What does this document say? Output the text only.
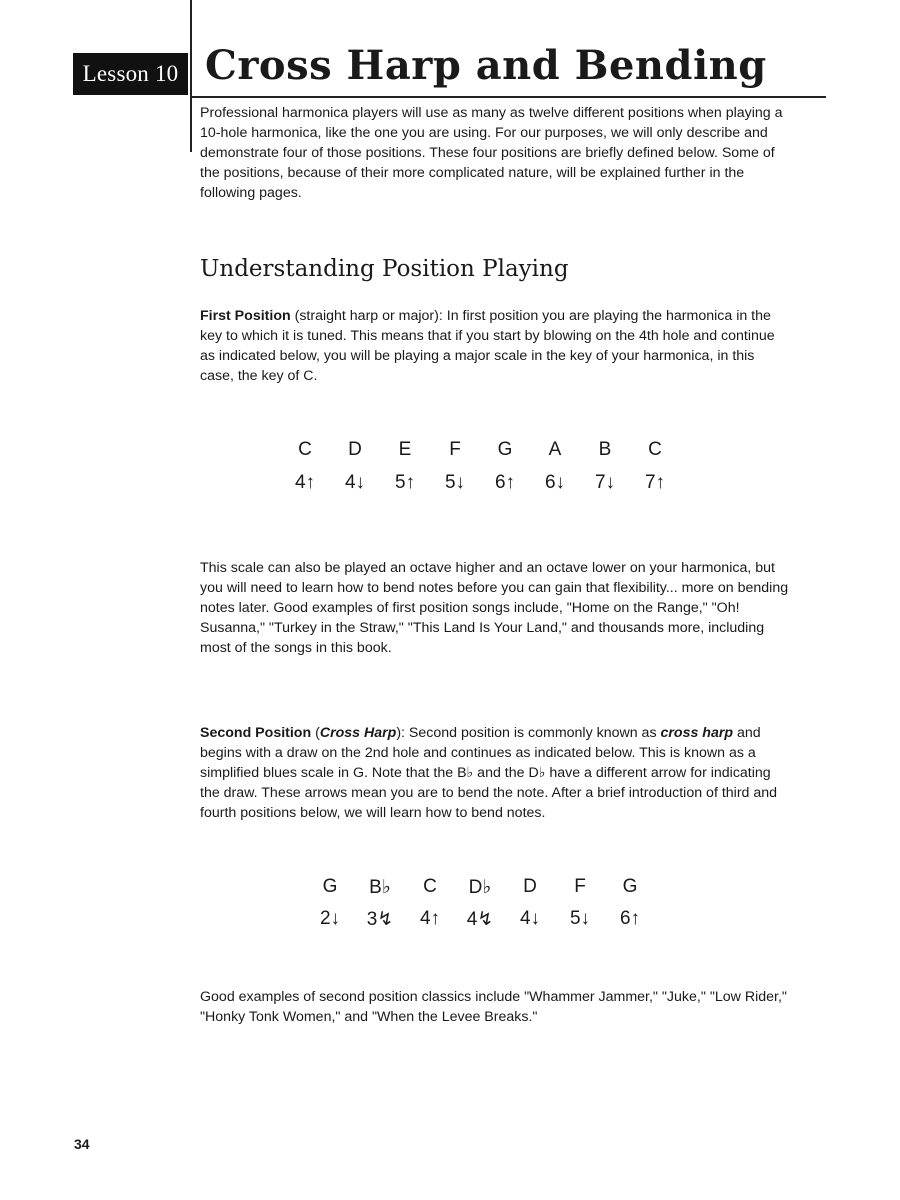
Lesson 10 Cross Harp and Bending

Professional harmonica players will use as many as twelve different positions when playing a 10-hole harmonica, like the one you are using. For our purposes, we will only describe and demonstrate four of those positions. These four positions are briefly defined below. Some of the positions, because of their more complicated nature, will be explained further in the following pages.

Understanding Position Playing

First Position (straight harp or major): In first position you are playing the harmonica in the key to which it is tuned. This means that if you start by blowing on the 4th hole and continue as indicated below, you will be playing a major scale in the key of your harmonica, in this case, the key of C.

C	D	E	F	G	A	B	C
4↑	4↓	5↑	5↓	6↑	6↓	7↓	7↑

This scale can also be played an octave higher and an octave lower on your harmonica, but you will need to learn how to bend notes before you can gain that flexibility... more on bending notes later. Good examples of first position songs include, "Home on the Range," "Oh! Susanna," "Turkey in the Straw," "This Land Is Your Land," and thousands more, including most of the songs in this book.

Second Position (Cross Harp): Second position is commonly known as cross harp and begins with a draw on the 2nd hole and continues as indicated below. This is known as a simplified blues scale in G. Note that the B♭ and the D♭ have a different arrow for indicating the draw. These arrows mean you are to bend the note. After a brief introduction of third and fourth positions below, we will learn how to bend notes.

G	B♭	C	D♭	D	F	G
2↓	3↯	4↑	4↯	4↓	5↓	6↑

Good examples of second position classics include "Whammer Jammer," "Juke," "Low Rider," "Honky Tonk Women," and "When the Levee Breaks."

34
